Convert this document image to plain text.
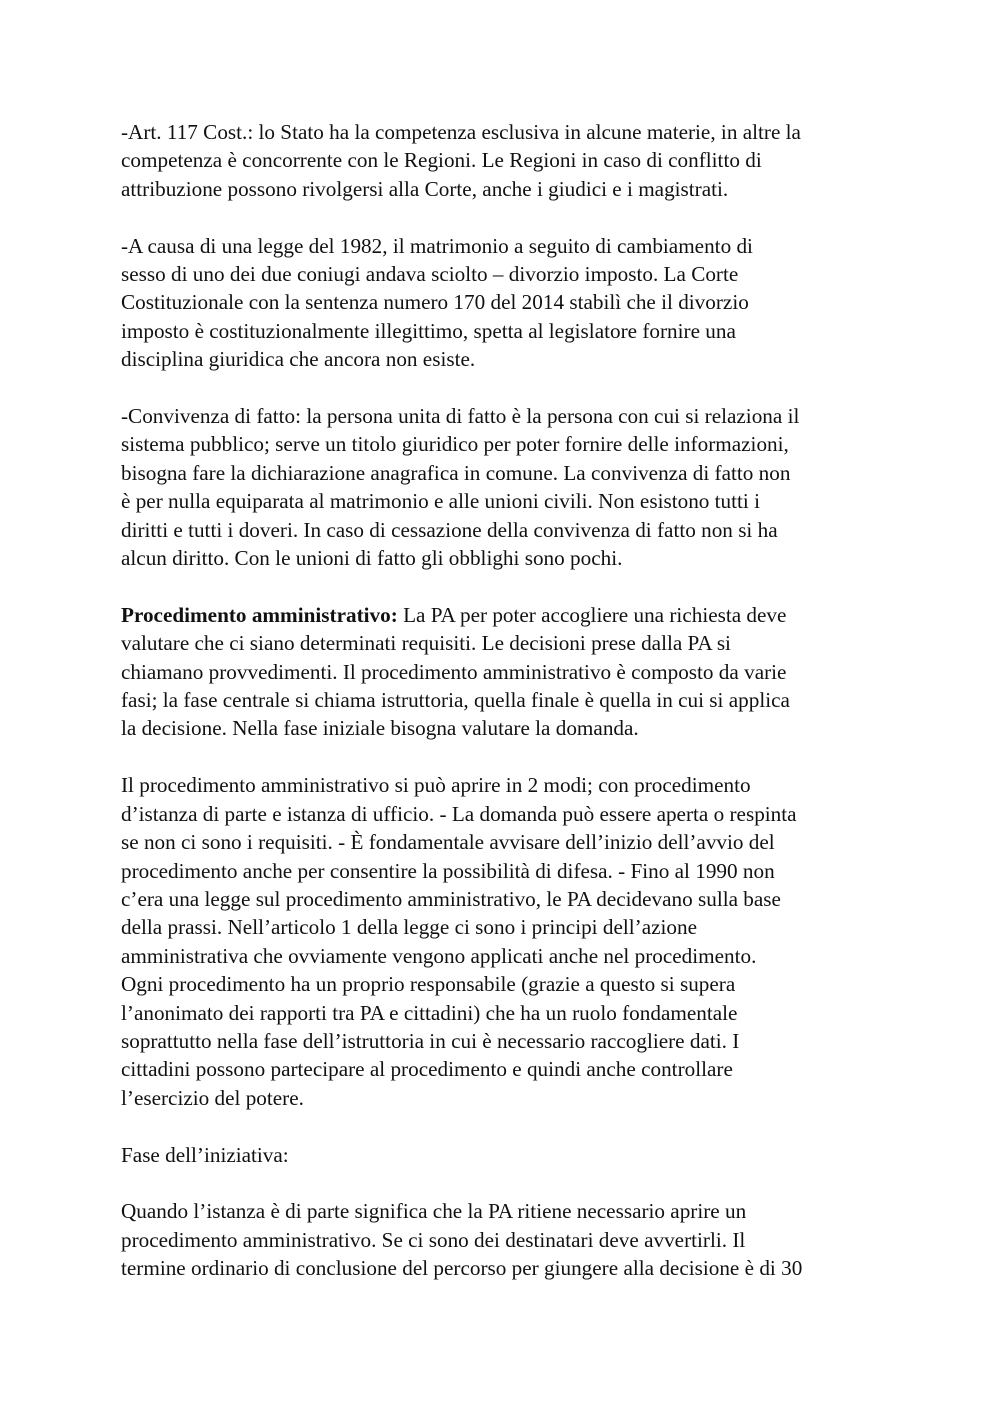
-Art. 117 Cost.: lo Stato ha la competenza esclusiva in alcune materie, in altre la
competenza è concorrente con le Regioni. Le Regioni in caso di conflitto di
attribuzione possono rivolgersi alla Corte, anche i giudici e i magistrati.

-A causa di una legge del 1982, il matrimonio a seguito di cambiamento di
sesso di uno dei due coniugi andava sciolto – divorzio imposto. La Corte
Costituzionale con la sentenza numero 170 del 2014 stabilì che il divorzio
imposto è costituzionalmente illegittimo, spetta al legislatore fornire una
disciplina giuridica che ancora non esiste.

-Convivenza di fatto: la persona unita di fatto è la persona con cui si relaziona il
sistema pubblico; serve un titolo giuridico per poter fornire delle informazioni,
bisogna fare la dichiarazione anagrafica in comune. La convivenza di fatto non
è per nulla equiparata al matrimonio e alle unioni civili. Non esistono tutti i
diritti e tutti i doveri. In caso di cessazione della convivenza di fatto non si ha
alcun diritto. Con le unioni di fatto gli obblighi sono pochi.

Procedimento amministrativo: La PA per poter accogliere una richiesta deve
valutare che ci siano determinati requisiti. Le decisioni prese dalla PA si
chiamano provvedimenti. Il procedimento amministrativo è composto da varie
fasi; la fase centrale si chiama istruttoria, quella finale è quella in cui si applica
la decisione. Nella fase iniziale bisogna valutare la domanda.

Il procedimento amministrativo si può aprire in 2 modi; con procedimento
d’istanza di parte e istanza di ufficio. - La domanda può essere aperta o respinta
se non ci sono i requisiti. - È fondamentale avvisare dell’inizio dell’avvio del
procedimento anche per consentire la possibilità di difesa. - Fino al 1990 non
c’era una legge sul procedimento amministrativo, le PA decidevano sulla base
della prassi. Nell’articolo 1 della legge ci sono i principi dell’azione
amministrativa che ovviamente vengono applicati anche nel procedimento.
Ogni procedimento ha un proprio responsabile (grazie a questo si supera
l’anonimato dei rapporti tra PA e cittadini) che ha un ruolo fondamentale
soprattutto nella fase dell’istruttoria in cui è necessario raccogliere dati. I
cittadini possono partecipare al procedimento e quindi anche controllare
l’esercizio del potere.

Fase dell’iniziativa:

Quando l’istanza è di parte significa che la PA ritiene necessario aprire un
procedimento amministrativo. Se ci sono dei destinatari deve avvertirli. Il
termine ordinario di conclusione del percorso per giungere alla decisione è di 30
